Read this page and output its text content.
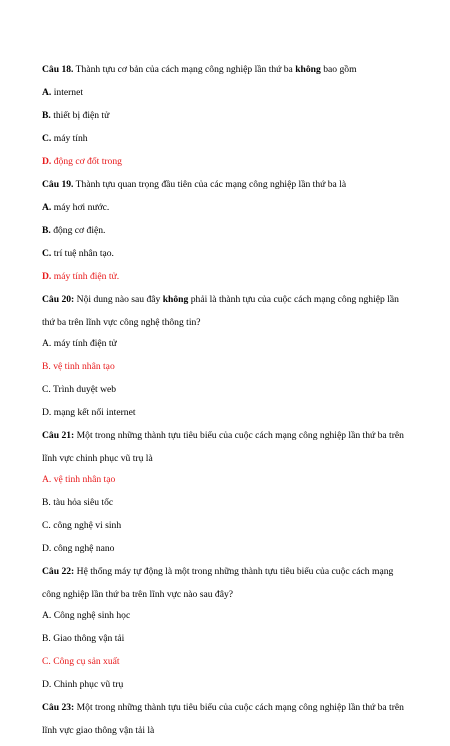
Câu 18. Thành tựu cơ bản của cách mạng công nghiệp lần thứ ba không bao gồm
A. internet
B. thiết bị điện tử
C. máy tính
D. động cơ đốt trong
Câu 19. Thành tựu quan trọng đầu tiên của các mạng công nghiệp lần thứ ba là
A. máy hơi nước.
B. động cơ điện.
C. trí tuệ nhân tạo.
D. máy tính điện tử.
Câu 20: Nội dung nào sau đây không phải là thành tựu của cuộc cách mạng công nghiệp lần
thứ ba trên lĩnh vực công nghệ thông tin?
A. máy tính điện tử
B. vệ tinh nhân tạo
C. Trình duyệt web
D. mạng kết nối internet
Câu 21: Một trong những thành tựu tiêu biểu của cuộc cách mạng công nghiệp lần thứ ba trên
lĩnh vực chinh phục vũ trụ là
A. vệ tinh nhân tạo
B. tàu hỏa siêu tốc
C. công nghệ vi sinh
D. công nghệ nano
Câu 22: Hệ thống máy tự động là một trong những thành tựu tiêu biểu của cuộc cách mạng
công nghiệp lần thứ ba trên lĩnh vực nào sau đây?
A. Công nghệ sinh học
B. Giao thông vận tải
C. Công cụ sản xuất
D. Chinh phục vũ trụ
Câu 23: Một trong những thành tựu tiêu biểu của cuộc cách mạng công nghiệp lần thứ ba trên
lĩnh vực giao thông vận tải là
